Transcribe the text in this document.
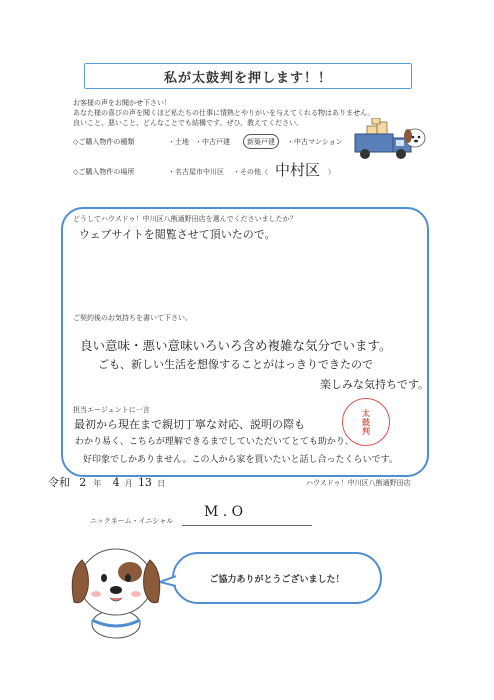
私が太鼓判を押します！！
お客様の声をお聞かせ下さい！
あなた様の喜びの声を聞くほど私たちの仕事に情熱とやりがいを与えてくれる物はありません。
良いこと、悪いこと、どんなことでも結構です。ぜひ、教えてください。
◇ご購入物件の種類	・土地 ・中古戸建	新築戸建	・中古マンション
◇ご購入物件の場所	・名古屋市中川区 ・その他（ 中村区 ）
どうしてハウスドゥ！中川区八熊通野田店を選んでくださいましたか？
ウェブサイトを閲覧させて頂いたので。
ご契約後のお気持ちを書いて下さい。
良い意味・悪い意味いろいろ含め複雑な気分でいます。
ごも、新しい生活を想像することがはっきりできたので
楽しみな気持ちです。
担当エージェントに一言
最初から現在まで親切丁寧な対応、説明の際も
わかり易く、こちらが理解できるまでしていただいてとても助かり、
好印象でしかありません。この人から家を買いたいと話し合ったくらいです。
太
鼓
判
令和 2 年 4 月 13 日	ハウスドゥ！中川区八熊通野田店
ニックネーム・イニシャル
M . O
ご協力ありがとうございました！
